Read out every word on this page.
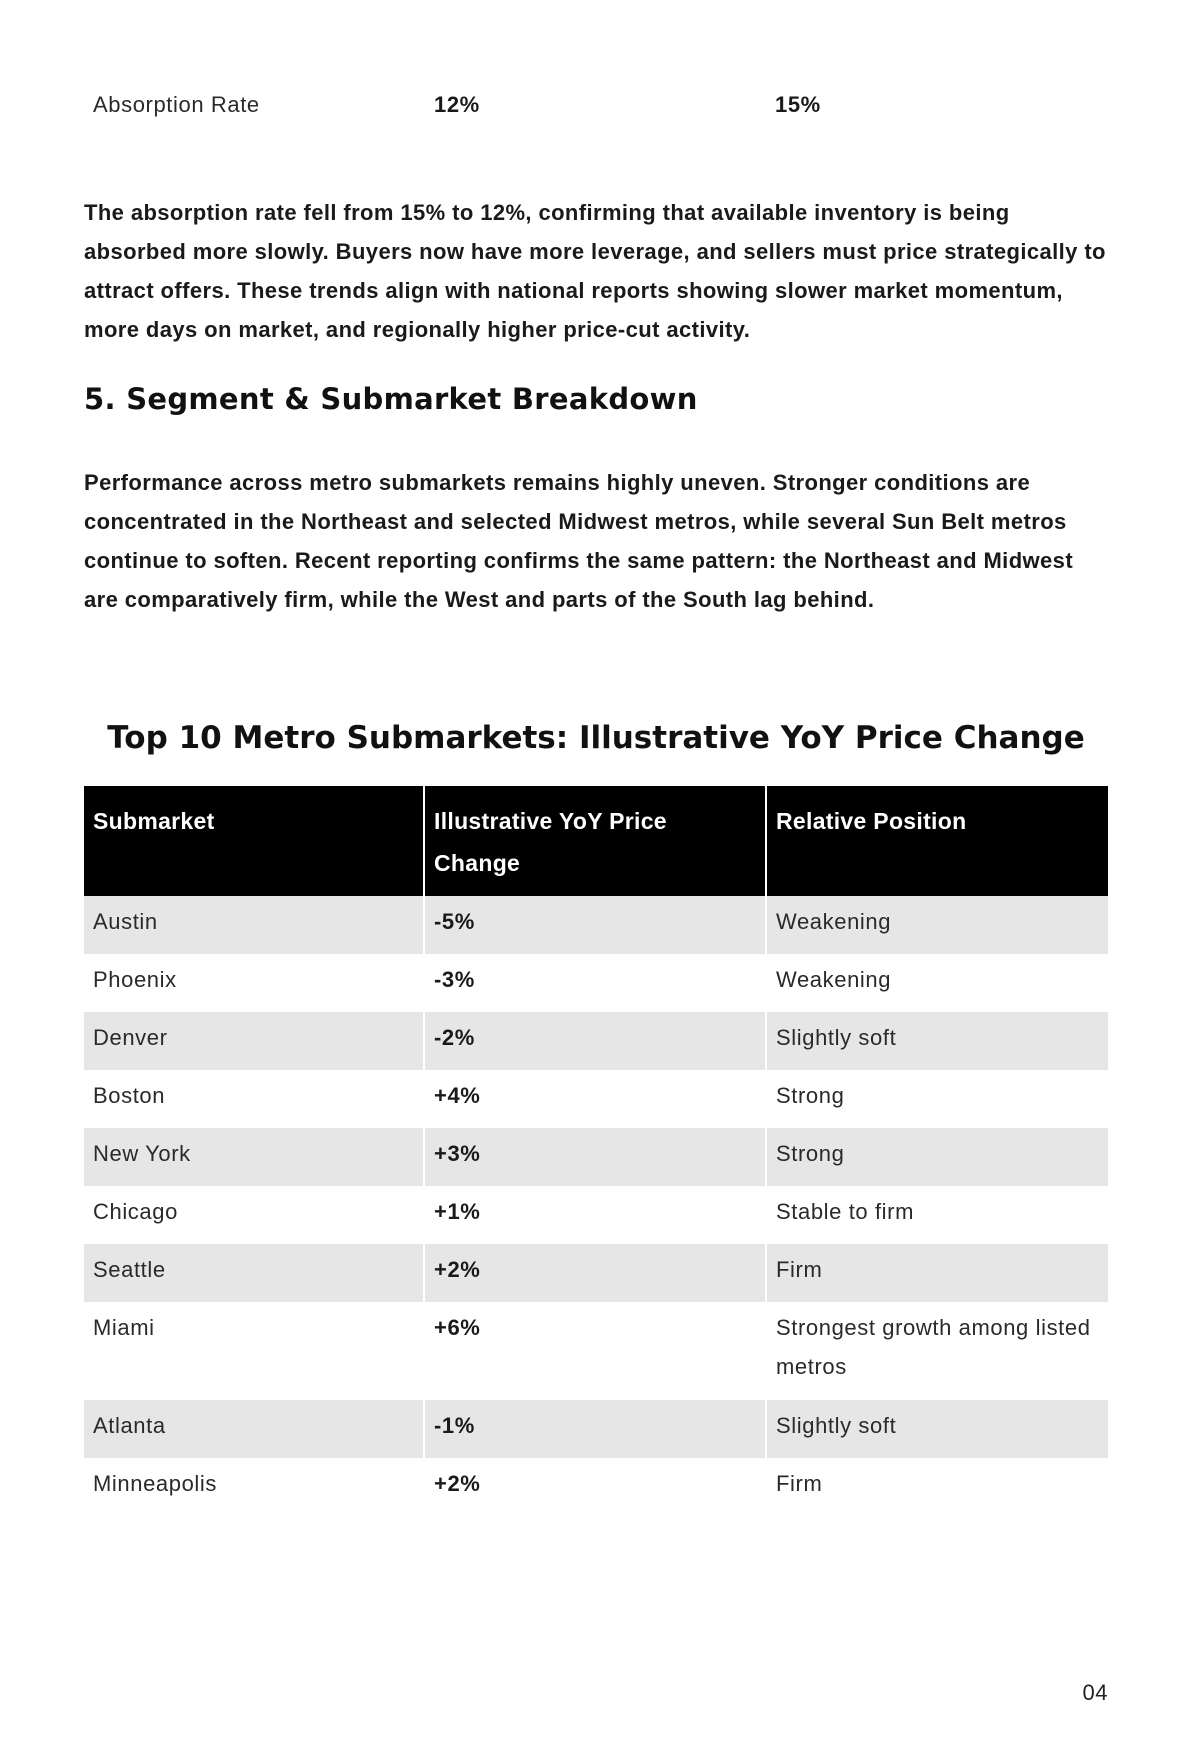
Absorption Rate	12%	15%

The absorption rate fell from 15% to 12%, confirming that available inventory is being absorbed more slowly. Buyers now have more leverage, and sellers must price strategically to attract offers. These trends align with national reports showing slower market momentum, more days on market, and regionally higher price-cut activity.

5. Segment & Submarket Breakdown

Performance across metro submarkets remains highly uneven. Stronger conditions are concentrated in the Northeast and selected Midwest metros, while several Sun Belt metros continue to soften. Recent reporting confirms the same pattern: the Northeast and Midwest are comparatively firm, while the West and parts of the South lag behind.

Top 10 Metro Submarkets: Illustrative YoY Price Change
Submarket	Illustrative YoY Price Change	Relative Position
Austin	-5%	Weakening
Phoenix	-3%	Weakening
Denver	-2%	Slightly soft
Boston	+4%	Strong
New York	+3%	Strong
Chicago	+1%	Stable to firm
Seattle	+2%	Firm
Miami	+6%	Strongest growth among listed metros
Atlanta	-1%	Slightly soft
Minneapolis	+2%	Firm
04
